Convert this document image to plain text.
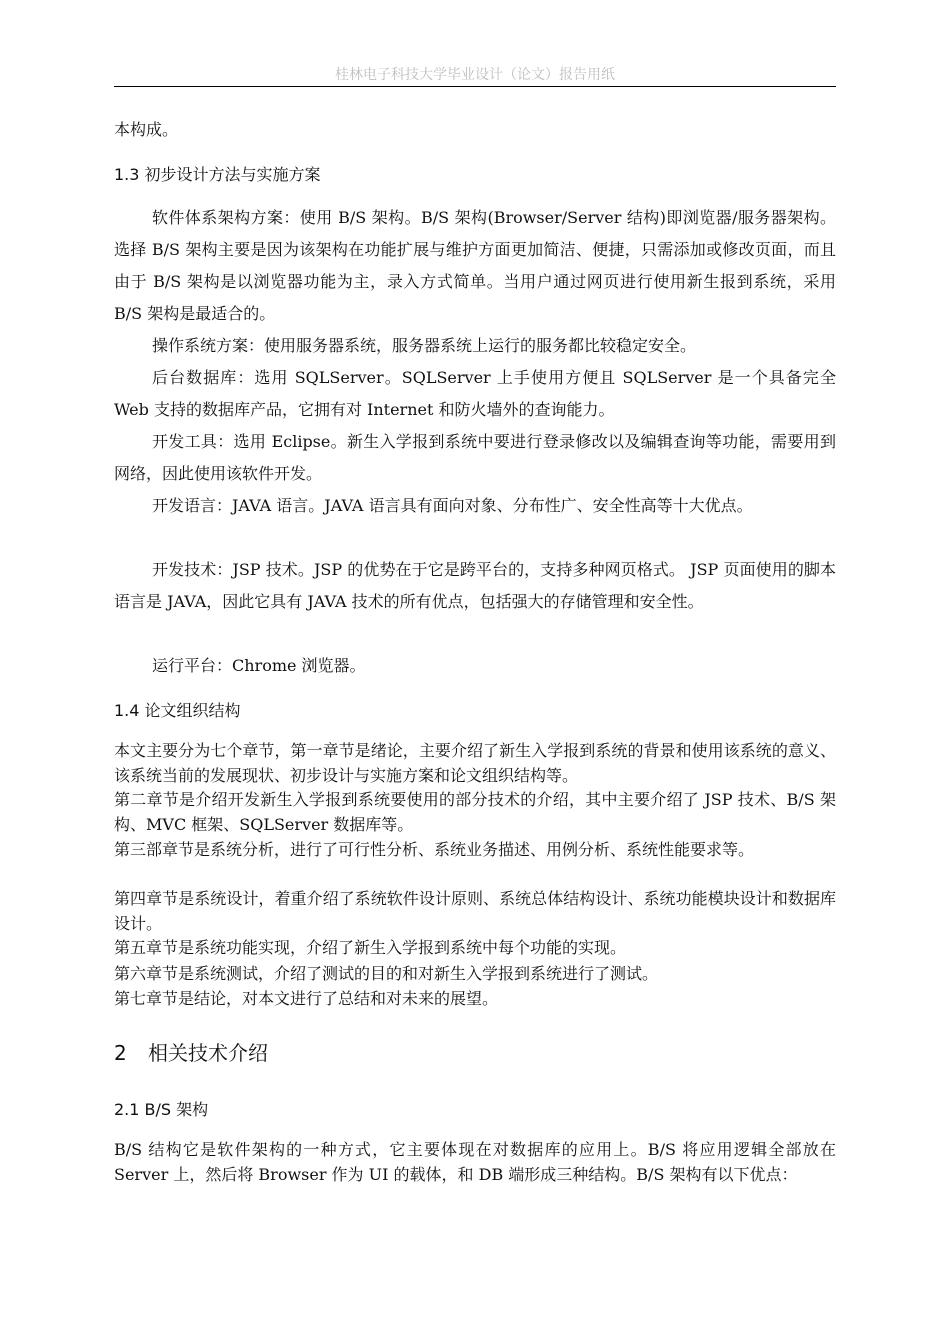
桂林电子科技大学毕业设计（论文）报告用纸

本构成。

1.3 初步设计方法与实施方案

软件体系架构方案：使用 B/S 架构。B/S 架构(Browser/Server 结构)即浏览器/服务器架构。选择 B/S 架构主要是因为该架构在功能扩展与维护方面更加简洁、便捷，只需添加或修改页面，而且由于 B/S 架构是以浏览器功能为主，录入方式简单。当用户通过网页进行使用新生报到系统，采用 B/S 架构是最适合的。

操作系统方案：使用服务器系统，服务器系统上运行的服务都比较稳定安全。

后台数据库：选用 SQLServer。SQLServer 上手使用方便且 SQLServer 是一个具备完全 Web 支持的数据库产品，它拥有对 Internet 和防火墙外的查询能力。

开发工具：选用 Eclipse。新生入学报到系统中要进行登录修改以及编辑查询等功能，需要用到网络，因此使用该软件开发。

开发语言：JAVA 语言。JAVA 语言具有面向对象、分布性广、安全性高等十大优点。

开发技术：JSP 技术。JSP 的优势在于它是跨平台的，支持多种网页格式。 JSP 页面使用的脚本语言是 JAVA，因此它具有 JAVA 技术的所有优点，包括强大的存储管理和安全性。

运行平台：Chrome 浏览器。

1.4 论文组织结构

本文主要分为七个章节，第一章节是绪论，主要介绍了新生入学报到系统的背景和使用该系统的意义、该系统当前的发展现状、初步设计与实施方案和论文组织结构等。

第二章节是介绍开发新生入学报到系统要使用的部分技术的介绍，其中主要介绍了 JSP 技术、B/S 架构、MVC 框架、SQLServer 数据库等。

第三部章节是系统分析，进行了可行性分析、系统业务描述、用例分析、系统性能要求等。

第四章节是系统设计，着重介绍了系统软件设计原则、系统总体结构设计、系统功能模块设计和数据库设计。

第五章节是系统功能实现，介绍了新生入学报到系统中每个功能的实现。

第六章节是系统测试，介绍了测试的目的和对新生入学报到系统进行了测试。

第七章节是结论，对本文进行了总结和对未来的展望。

2 相关技术介绍
2.1 B/S 架构

B/S 结构它是软件架构的一种方式，它主要体现在对数据库的应用上。B/S 将应用逻辑全部放在 Server 上，然后将 Browser 作为 UI 的载体，和 DB 端形成三种结构。B/S 架构有以下优点：
